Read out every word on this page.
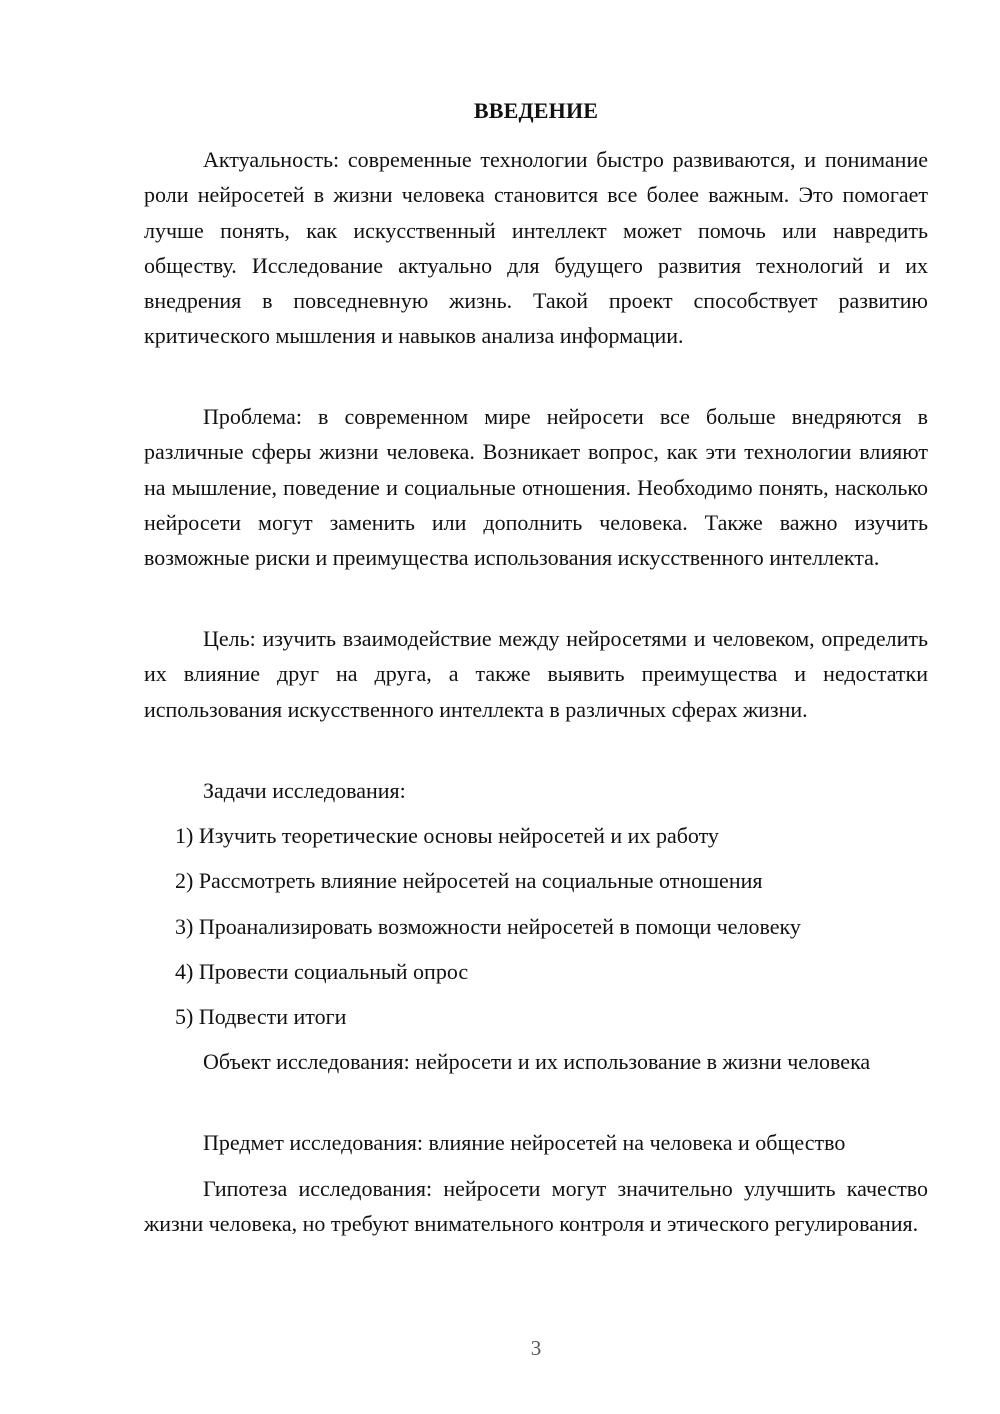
ВВЕДЕНИЕ

Актуальность: современные технологии быстро развиваются, и понимание роли нейросетей в жизни человека становится все более важным. Это помогает лучше понять, как искусственный интеллект может помочь или навредить обществу. Исследование актуально для будущего развития технологий и их внедрения в повседневную жизнь. Такой проект способствует развитию критического мышления и навыков анализа информации.

Проблема: в современном мире нейросети все больше внедряются в различные сферы жизни человека. Возникает вопрос, как эти технологии влияют на мышление, поведение и социальные отношения. Необходимо понять, насколько нейросети могут заменить или дополнить человека. Также важно изучить возможные риски и преимущества использования искусственного интеллекта.

Цель: изучить взаимодействие между нейросетями и человеком, определить их влияние друг на друга, а также выявить преимущества и недостатки использования искусственного интеллекта в различных сферах жизни.

Задачи исследования:

1) Изучить теоретические основы нейросетей и их работу

2) Рассмотреть влияние нейросетей на социальные отношения

3) Проанализировать возможности нейросетей в помощи человеку

4) Провести социальный опрос

5) Подвести итоги

Объект исследования: нейросети и их использование в жизни человека

Предмет исследования: влияние нейросетей на человека и общество

Гипотеза исследования: нейросети могут значительно улучшить качество жизни человека, но требуют внимательного контроля и этического регулирования.

3
